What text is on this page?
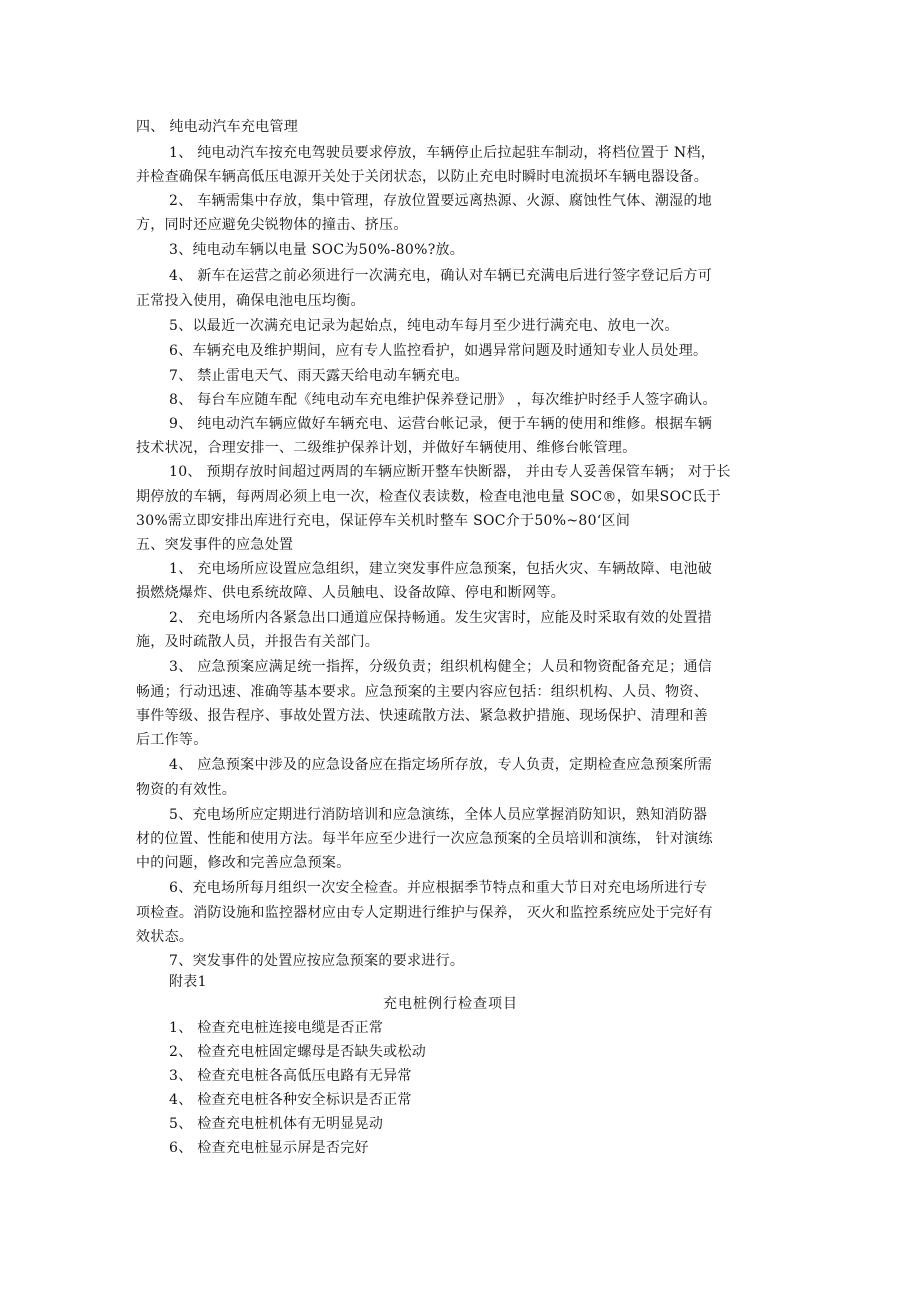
四、 纯电动汽车充电管理
1、 纯电动汽车按充电驾驶员要求停放，车辆停止后拉起驻车制动，将档位置于 N档，
并检查确保车辆高低压电源开关处于关闭状态，以防止充电时瞬时电流损坏车辆电器设备。
2、 车辆需集中存放，集中管理，存放位置要远离热源、火源、腐蚀性气体、潮湿的地
方，同时还应避免尖锐物体的撞击、挤压。
3、纯电动车辆以电量 SOC为50%-80%?放。
4、 新车在运营之前必须进行一次满充电，确认对车辆已充满电后进行签字登记后方可
正常投入使用，确保电池电压均衡。
5、以最近一次满充电记录为起始点，纯电动车每月至少进行满充电、放电一次。
6、车辆充电及维护期间，应有专人监控看护，如遇异常问题及时通知专业人员处理。
7、 禁止雷电天气、雨天露天给电动车辆充电。
8、 每台车应随车配《纯电动车充电维护保养登记册》 ，每次维护时经手人签字确认。
9、 纯电动汽车辆应做好车辆充电、运营台帐记录，便于车辆的使用和维修。根据车辆
技术状况，合理安排一、二级维护保养计划，并做好车辆使用、维修台帐管理。
10、 预期存放时间超过两周的车辆应断开整车快断器， 并由专人妥善保管车辆； 对于长
期停放的车辆，每两周必须上电一次，检查仪表读数，检查电池电量 SOC®，如果SOC氐于
30%需立即安排出库进行充电，保证停车关机时整车 SOC介于50%~80‘区间
五、突发事件的应急处置
1、 充电场所应设置应急组织，建立突发事件应急预案，包括火灾、车辆故障、电池破
损燃烧爆炸、供电系统故障、人员触电、设备故障、停电和断网等。
2、 充电场所内各紧急出口通道应保持畅通。发生灾害时，应能及时采取有效的处置措
施，及时疏散人员，并报告有关部门。
3、 应急预案应满足统一指挥，分级负责；组织机构健全；人员和物资配备充足；通信
畅通；行动迅速、准确等基本要求。应急预案的主要内容应包括：组织机构、人员、物资、
事件等级、报告程序、事故处置方法、快速疏散方法、紧急救护措施、现场保护、清理和善
后工作等。
4、 应急预案中涉及的应急设备应在指定场所存放，专人负责，定期检查应急预案所需
物资的有效性。
5、充电场所应定期进行消防培训和应急演练，全体人员应掌握消防知识，熟知消防器
材的位置、性能和使用方法。每半年应至少进行一次应急预案的全员培训和演练， 针对演练
中的问题，修改和完善应急预案。
6、充电场所每月组织一次安全检查。并应根据季节特点和重大节日对充电场所进行专
项检查。消防设施和监控器材应由专人定期进行维护与保养， 灭火和监控系统应处于完好有
效状态。
7、突发事件的处置应按应急预案的要求进行。
附表1
充电桩例行检查项目
1、 检查充电桩连接电缆是否正常
2、 检查充电桩固定螺母是否缺失或松动
3、 检查充电桩各高低压电路有无异常
4、 检查充电桩各种安全标识是否正常
5、 检查充电桩机体有无明显晃动
6、 检查充电桩显示屏是否完好
